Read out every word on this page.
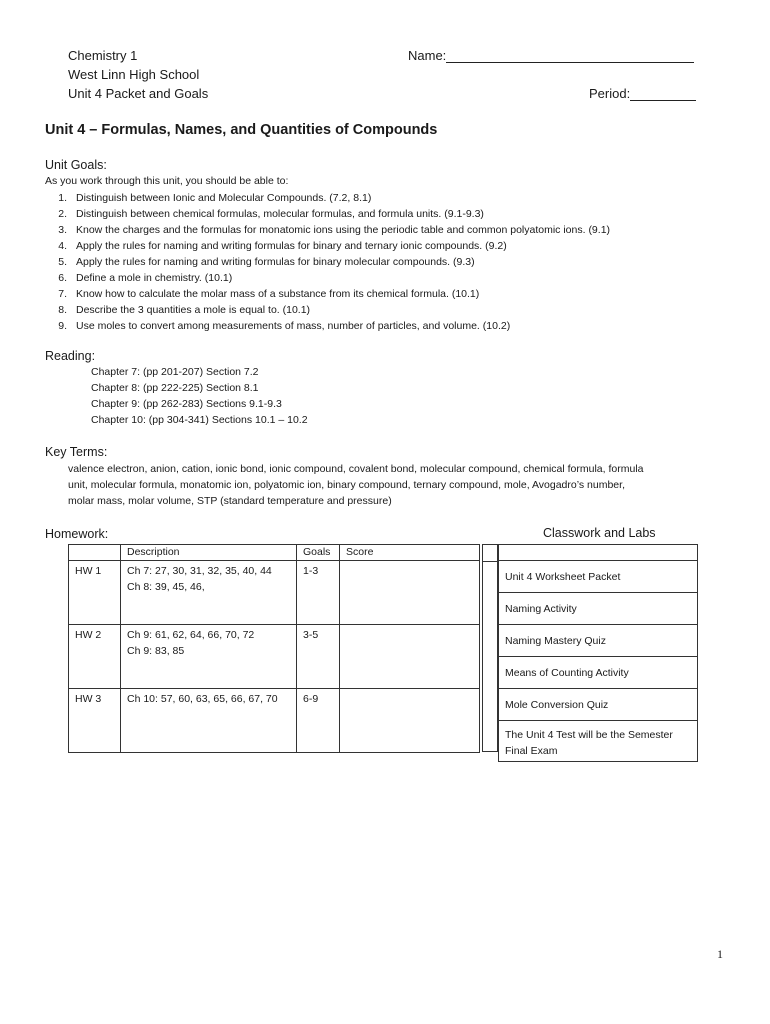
Chemistry 1
West Linn High School
Unit 4 Packet and Goals
Name:
Period:
Unit 4 – Formulas, Names, and Quantities of Compounds
Unit Goals:
As you work through this unit, you should be able to:
1. Distinguish between Ionic and Molecular Compounds. (7.2, 8.1)
2. Distinguish between chemical formulas, molecular formulas, and formula units. (9.1-9.3)
3. Know the charges and the formulas for monatomic ions using the periodic table and common polyatomic ions. (9.1)
4. Apply the rules for naming and writing formulas for binary and ternary ionic compounds. (9.2)
5. Apply the rules for naming and writing formulas for binary molecular compounds. (9.3)
6. Define a mole in chemistry. (10.1)
7. Know how to calculate the molar mass of a substance from its chemical formula. (10.1)
8. Describe the 3 quantities a mole is equal to. (10.1)
9. Use moles to convert among measurements of mass, number of particles, and volume. (10.2)
Reading:
Chapter 7: (pp 201-207) Section 7.2
Chapter 8: (pp 222-225) Section 8.1
Chapter 9: (pp 262-283) Sections 9.1-9.3
Chapter 10: (pp 304-341) Sections 10.1 – 10.2
Key Terms:
valence electron, anion, cation, ionic bond, ionic compound, covalent bond, molecular compound, chemical formula, formula
unit, molecular formula, monatomic ion, polyatomic ion, binary compound, ternary compound, mole, Avogadro’s number,
molar mass, molar volume, STP (standard temperature and pressure)
Homework:	Classwork and Labs
	Description	Goals	Score
HW 1	Ch 7: 27, 30, 31, 32, 35, 40, 44
Ch 8: 39, 45, 46,	1-3	
HW 2	Ch 9: 61, 62, 64, 66, 70, 72
Ch 9: 83, 85	3-5	
HW 3	Ch 10: 57, 60, 63, 65, 66, 67, 70	6-9	

Unit 4 Worksheet Packet
Naming Activity
Naming Mastery Quiz
Means of Counting Activity
Mole Conversion Quiz

The Unit 4 Test will be the Semester
Final Exam
1
